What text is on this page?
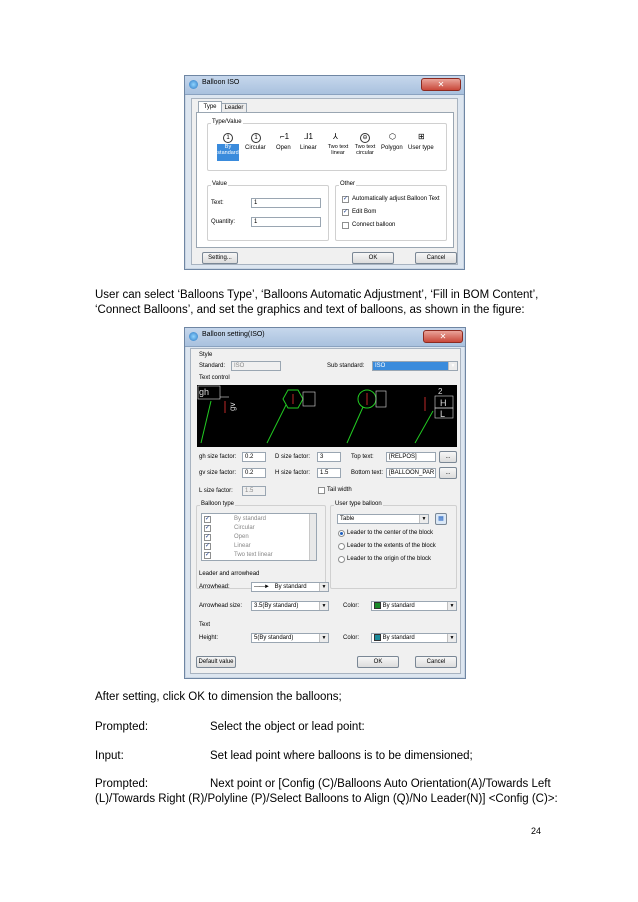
Balloon ISO	✕
Type	Leader
Type/Value
1
By
standard
1
Circular
⌐1
Open
⅃1
Linear
⅄
Two text
linear
⊖
Two text
circular
⬡
Polygon
⊞
User type
Value
Text:	1
Quantity:	1
Other
✓ Automatically adjust Balloon Text
✓ Edit Bom
Connect balloon
Setting...	OK	Cancel
User can select ‘Balloons Type’, ‘Balloons Automatic Adjustment’, ‘Fill in BOM Content’,
‘Connect Balloons’, and set the graphics and text of balloons, as shown in the figure:
Balloon setting(ISO)	✕
Style
Standard:	ISO	Sub standard:	ISO	▼
Text control
gh
gv
2
H
L
gh size factor:	0.2
gv size factor:	0.2
L size factor:	1.5
D size factor:	3
H size factor:	1.5
Tail width
Top text:	[RELPOS]	...
Bottom text: [BALLOON_PAR	...
Balloon type
✓	By standard
✓	Circular
✓	Open
✓	Linear
✓	Two text linear
User type balloon
Table	▼	▦
Leader to the center of the block
Leader to the extents of the block
Leader to the origin of the block
Leader and arrowhead
Arrowhead:	——► By standard	▼
Arrowhead size:	3.5(By standard)	▼	Color:	By standard	▼
Text
Height:	5(By standard)	▼	Color:	By standard	▼
Default value	OK	Cancel
After setting, click OK to dimension the balloons;
Prompted:	Select the object or lead point:
Input:	Set lead point where balloons is to be dimensioned;
Prompted:	Next point or [Config (C)/Balloons Auto Orientation(A)/Towards Left
(L)/Towards Right (R)/Polyline (P)/Select Balloons to Align (Q)/No Leader(N)] <Config (C)>:
24
